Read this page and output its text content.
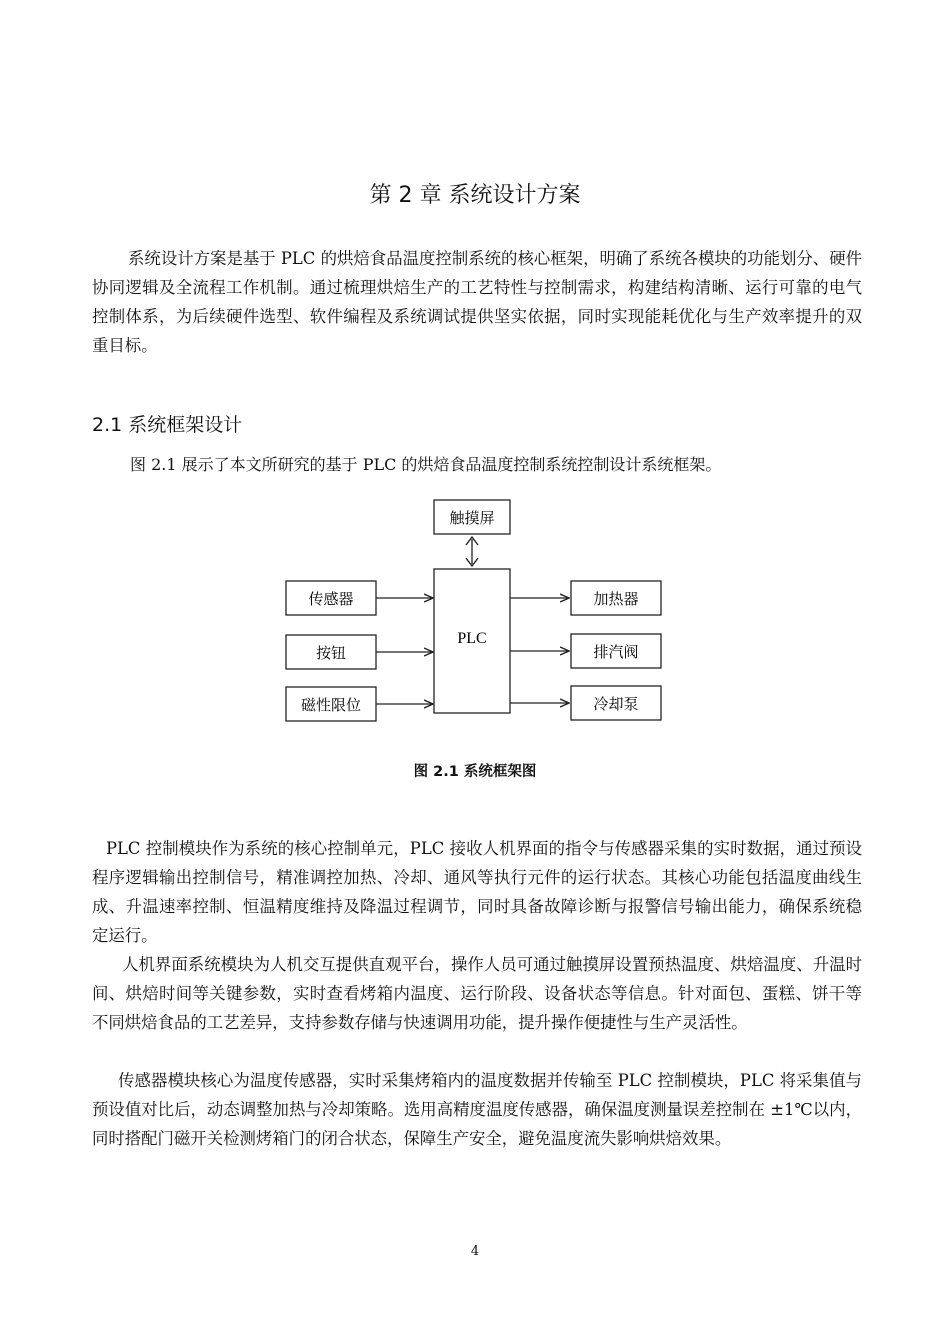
第 2 章 系统设计方案

系统设计方案是基于 PLC 的烘焙食品温度控制系统的核心框架，明确了系统各模块的功能划分、硬件协同逻辑及全流程工作机制。通过梳理烘焙生产的工艺特性与控制需求，构建结构清晰、运行可靠的电气控制体系，为后续硬件选型、软件编程及系统调试提供坚实依据，同时实现能耗优化与生产效率提升的双重目标。

2.1 系统框架设计
图 2.1 展示了本文所研究的基于 PLC 的烘焙食品温度控制系统控制设计系统框架。
触摸屏
PLC
传感器
按钮
磁性限位
加热器
排汽阀
冷却泵
图 2.1 系统框架图

PLC 控制模块作为系统的核心控制单元，PLC 接收人机界面的指令与传感器采集的实时数据，通过预设程序逻辑输出控制信号，精准调控加热、冷却、通风等执行元件的运行状态。其核心功能包括温度曲线生成、升温速率控制、恒温精度维持及降温过程调节，同时具备故障诊断与报警信号输出能力，确保系统稳定运行。

人机界面系统模块为人机交互提供直观平台，操作人员可通过触摸屏设置预热温度、烘焙温度、升温时间、烘焙时间等关键参数，实时查看烤箱内温度、运行阶段、设备状态等信息。针对面包、蛋糕、饼干等不同烘焙食品的工艺差异，支持参数存储与快速调用功能，提升操作便捷性与生产灵活性。

传感器模块核心为温度传感器，实时采集烤箱内的温度数据并传输至 PLC 控制模块，PLC 将采集值与预设值对比后，动态调整加热与冷却策略。选用高精度温度传感器，确保温度测量误差控制在 ±1℃以内，同时搭配门磁开关检测烤箱门的闭合状态，保障生产安全，避免温度流失影响烘焙效果。

4
